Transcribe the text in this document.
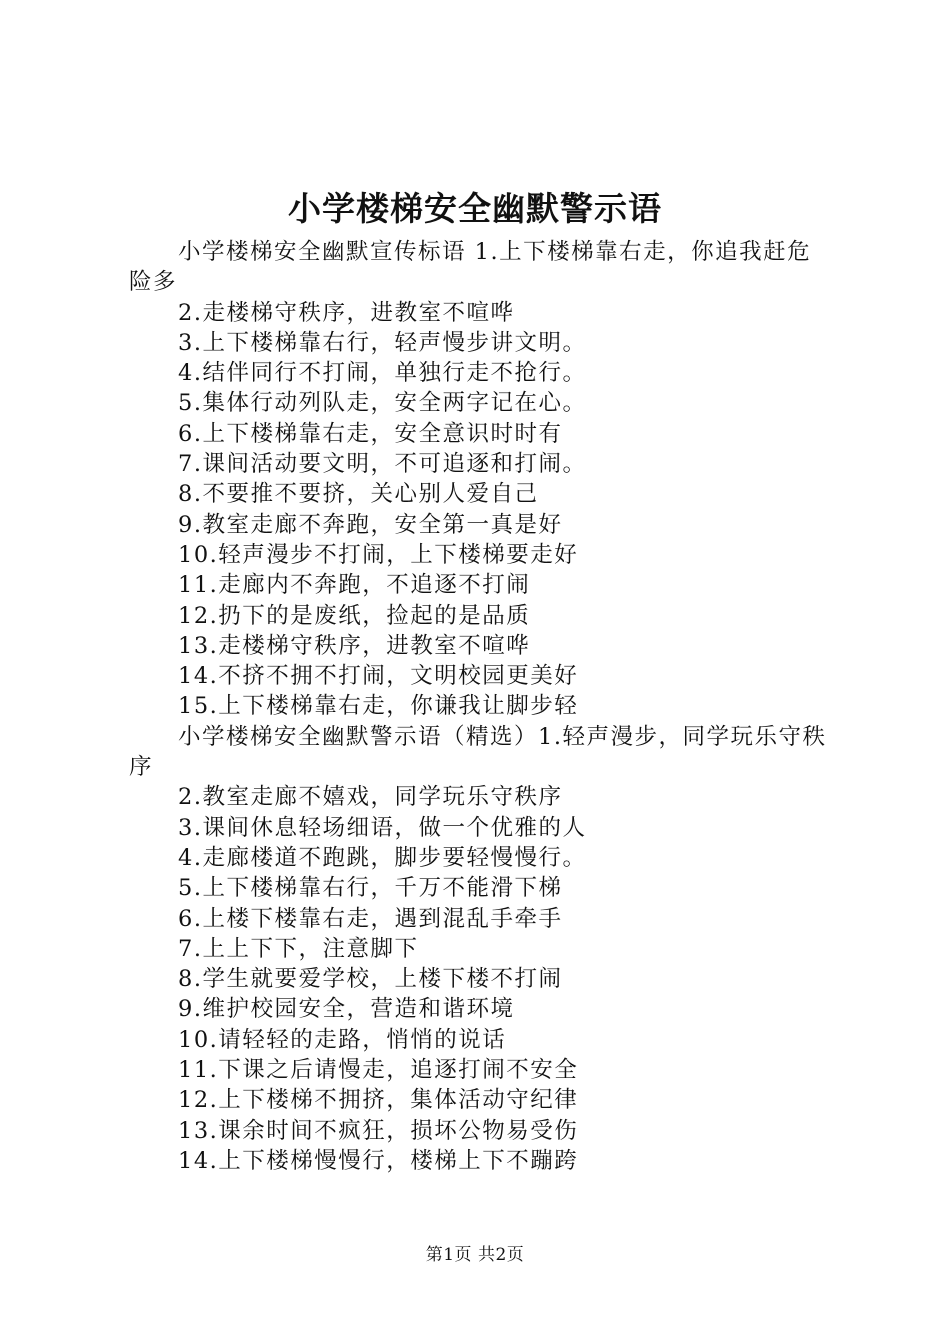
小学楼梯安全幽默警示语

小学楼梯安全幽默宣传标语 1.上下楼梯靠右走，你追我赶危险多

2.走楼梯守秩序，进教室不喧哗
3.上下楼梯靠右行，轻声慢步讲文明。
4.结伴同行不打闹，单独行走不抢行。
5.集体行动列队走，安全两字记在心。
6.上下楼梯靠右走，安全意识时时有
7.课间活动要文明，不可追逐和打闹。
8.不要推不要挤，关心别人爱自己
9.教室走廊不奔跑，安全第一真是好
10.轻声漫步不打闹，上下楼梯要走好
11.走廊内不奔跑，不追逐不打闹
12.扔下的是废纸，捡起的是品质
13.走楼梯守秩序，进教室不喧哗
14.不挤不拥不打闹，文明校园更美好
15.上下楼梯靠右走，你谦我让脚步轻

小学楼梯安全幽默警示语（精选）1.轻声漫步，同学玩乐守秩序

2.教室走廊不嬉戏，同学玩乐守秩序
3.课间休息轻场细语，做一个优雅的人
4.走廊楼道不跑跳，脚步要轻慢慢行。
5.上下楼梯靠右行，千万不能滑下梯
6.上楼下楼靠右走，遇到混乱手牵手
7.上上下下，注意脚下
8.学生就要爱学校，上楼下楼不打闹
9.维护校园安全，营造和谐环境
10.请轻轻的走路，悄悄的说话
11.下课之后请慢走，追逐打闹不安全
12.上下楼梯不拥挤，集体活动守纪律
13.课余时间不疯狂，损坏公物易受伤
14.上下楼梯慢慢行，楼梯上下不蹦跨
第1页 共2页
